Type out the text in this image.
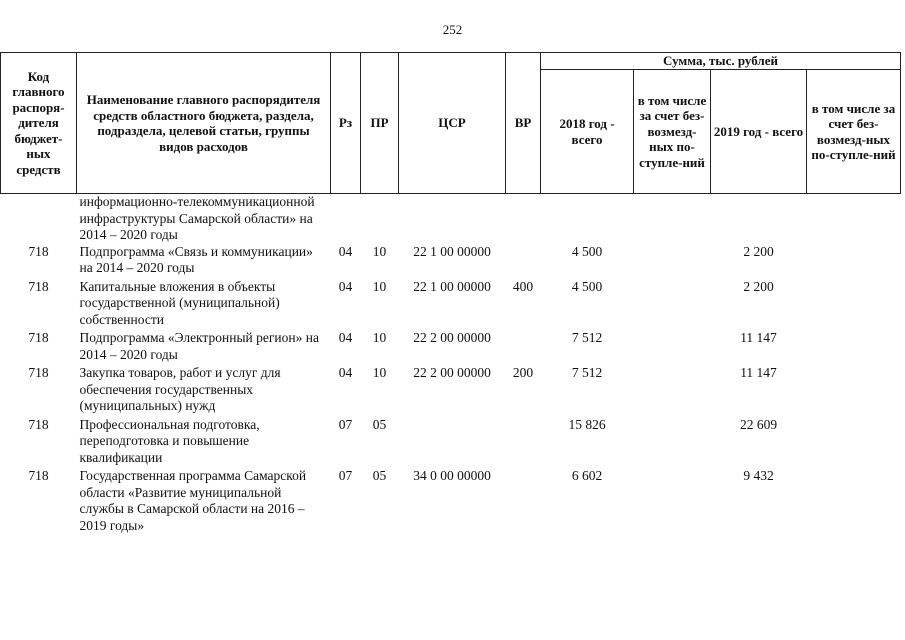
252
Код главного распоря-дителя бюджет-ных средств	Наименование главного распорядителя средств областного бюджета, раздела, подраздела, целевой статьи, группы видов расходов	Рз	ПР	ЦСР	ВР	Сумма, тыс. рублей			
						2018 год - всего	в том числе за счет без-возмезд-ных по-ступле-ний	2019 год - всего	в том числе за счет без-возмезд-ных по-ступле-ний
	информационно-телекоммуникационной инфраструктуры Самарской области» на 2014 – 2020 годы								
718	Подпрограмма «Связь и коммуникации» на 2014 – 2020 годы	04	10	22 1 00 00000		4 500		2 200	
718	Капитальные вложения в объекты государственной (муниципальной) собственности	04	10	22 1 00 00000	400	4 500		2 200	
718	Подпрограмма «Электронный регион» на 2014 – 2020 годы	04	10	22 2 00 00000		7 512		11 147	
718	Закупка товаров, работ и услуг для обеспечения государственных (муниципальных) нужд	04	10	22 2 00 00000	200	7 512		11 147	
718	Профессиональная подготовка, переподготовка и повышение квалификации	07	05			15 826		22 609	
718	Государственная программа Самарской области «Развитие муниципальной службы в Самарской области на 2016 – 2019 годы»	07	05	34 0 00 00000		6 602		9 432	
